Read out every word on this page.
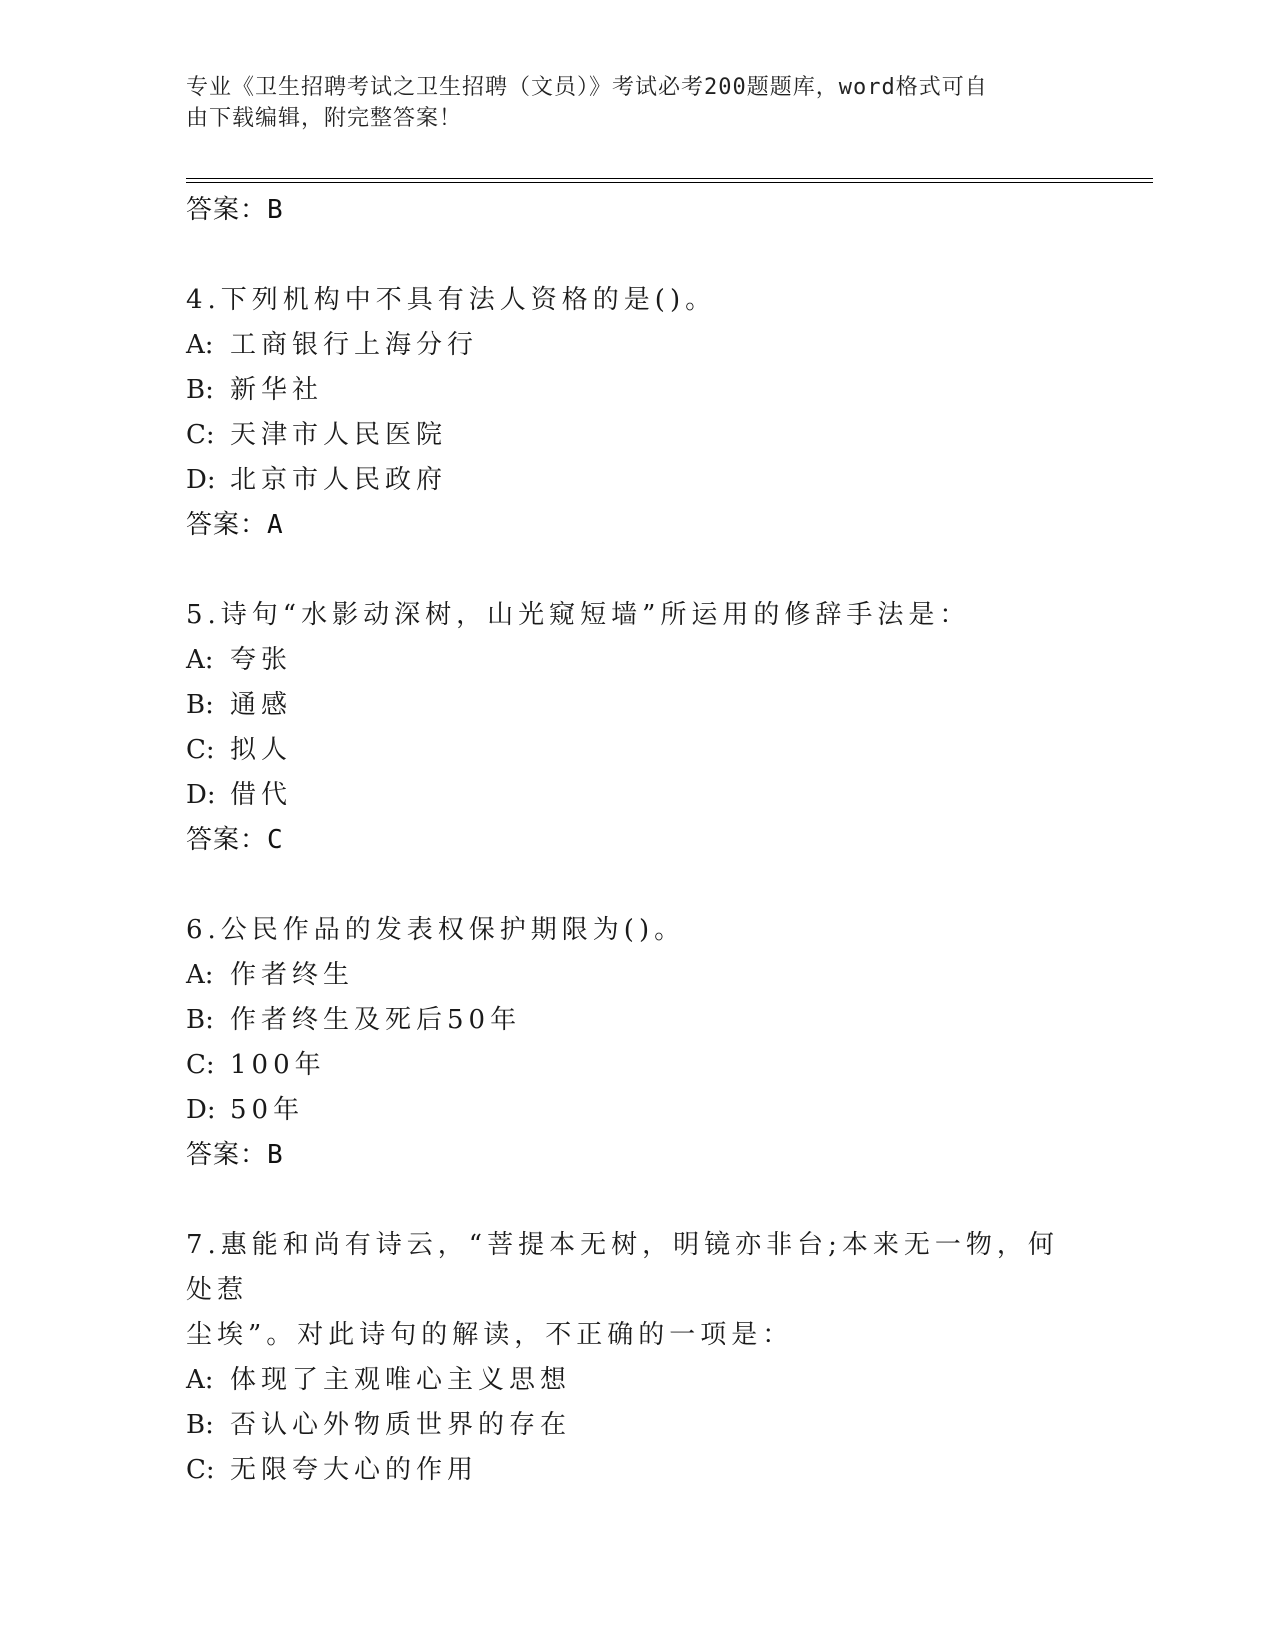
专业《卫生招聘考试之卫生招聘（文员）》考试必考200题题库，word格式可自
由下载编辑，附完整答案！
答案：B
4.下列机构中不具有法人资格的是()。
A: 工商银行上海分行
B: 新华社
C: 天津市人民医院
D: 北京市人民政府
答案：A
5.诗句“水影动深树，山光窥短墙”所运用的修辞手法是：
A: 夸张
B: 通感
C: 拟人
D: 借代
答案：C
6.公民作品的发表权保护期限为()。
A: 作者终生
B: 作者终生及死后50年
C: 100年
D: 50年
答案：B
7.惠能和尚有诗云，“菩提本无树，明镜亦非台;本来无一物，何处惹
尘埃”。对此诗句的解读，不正确的一项是：
A: 体现了主观唯心主义思想
B: 否认心外物质世界的存在
C: 无限夸大心的作用
